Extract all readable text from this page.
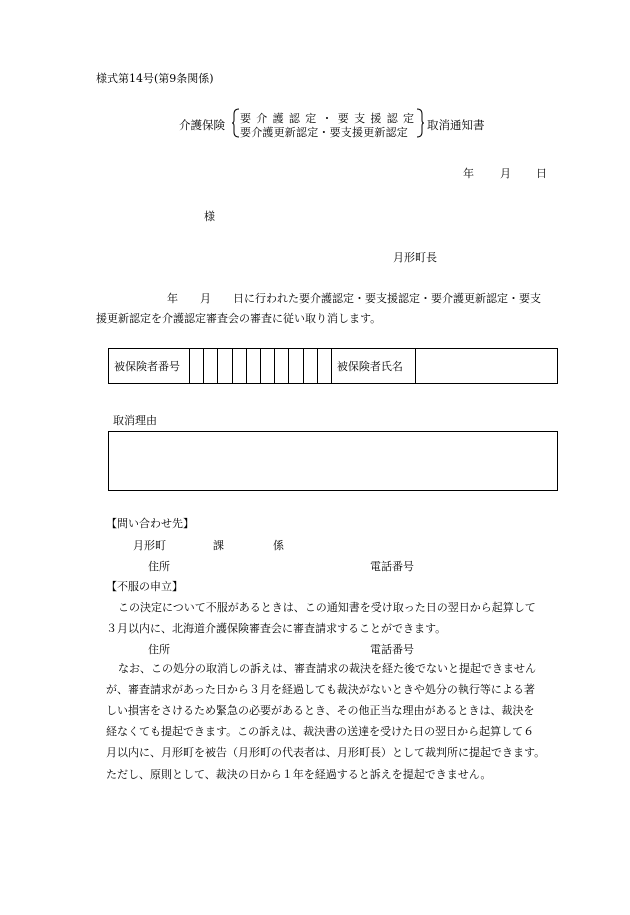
様式第14号(第9条関係)
介護保険 要介護認定・要支援認定
要介護更新認定・要支援更新認定
取消通知書
年 月 日
様
月形町長
年　　月　　日に行われた要介護認定・要支援認定・要介護更新認定・要支
援更新認定を介護認定審査会の審査に従い取り消します。
被保険者番号	被保険者氏名
取消理由
【問い合わせ先】
月形町	課	係
住所	電話番号
【不服の申立】
この決定について不服があるときは、この通知書を受け取った日の翌日から起算して
３月以内に、北海道介護保険審査会に審査請求することができます。
住所	電話番号
なお、この処分の取消しの訴えは、審査請求の裁決を経た後でないと提起できません
が、審査請求があった日から３月を経過しても裁決がないときや処分の執行等による著
しい損害をさけるため緊急の必要があるとき、その他正当な理由があるときは、裁決を
経なくても提起できます。この訴えは、裁決書の送達を受けた日の翌日から起算して６
月以内に、月形町を被告（月形町の代表者は、月形町長）として裁判所に提起できます。
ただし、原則として、裁決の日から１年を経過すると訴えを提起できません。
